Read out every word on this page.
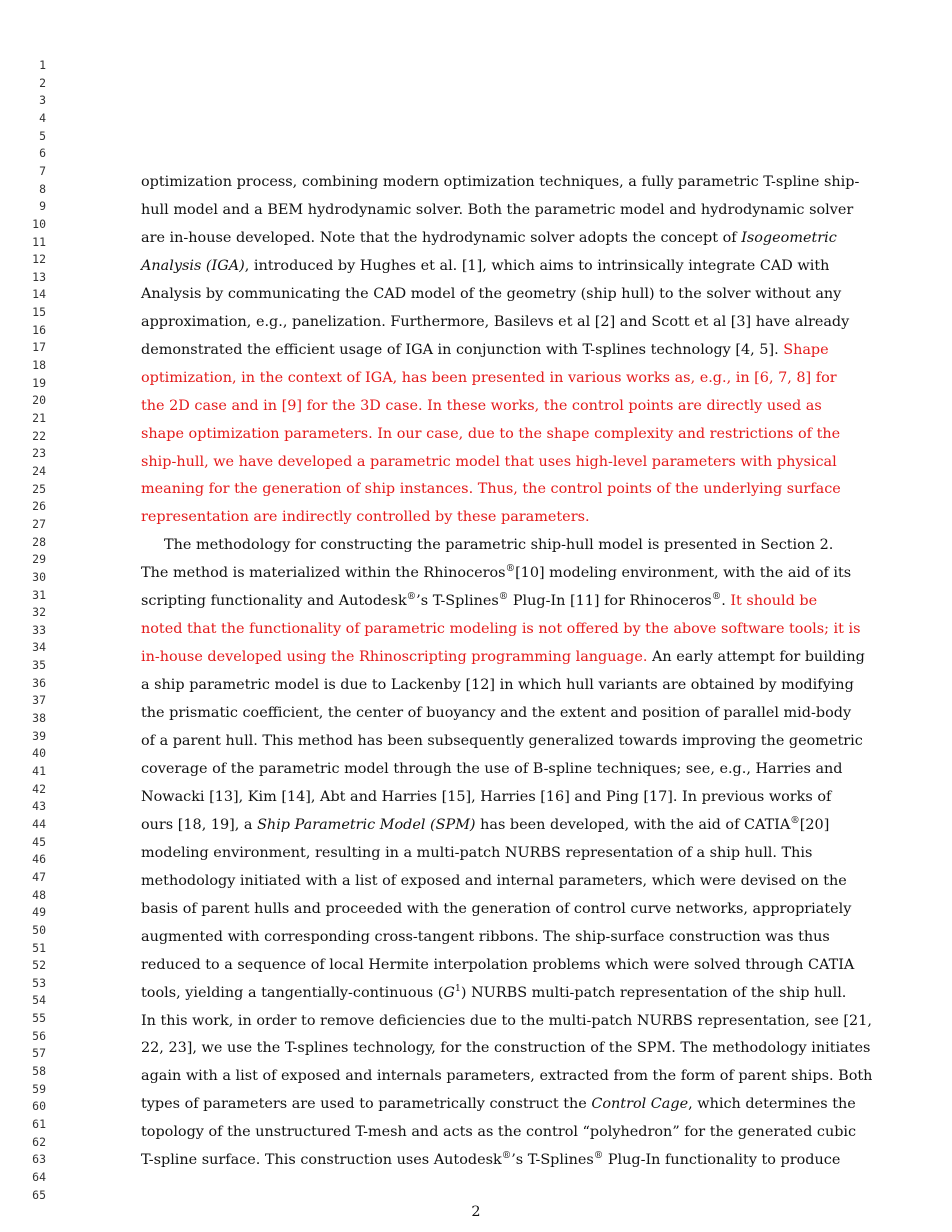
1
2
3
4
5
6
7
8
9
10
11
12
13
14
15
16
17
18
19
20
21
22
23
24
25
26
27
28
29
30
31
32
33
34
35
36
37
38
39
40
41
42
43
44
45
46
47
48
49
50
51
52
53
54
55
56
57
58
59
60
61
62
63
64
65
optimization process, combining modern optimization techniques, a fully parametric T-spline ship-
hull model and a BEM hydrodynamic solver. Both the parametric model and hydrodynamic solver
are in-house developed. Note that the hydrodynamic solver adopts the concept of Isogeometric
Analysis (IGA), introduced by Hughes et al. [1], which aims to intrinsically integrate CAD with
Analysis by communicating the CAD model of the geometry (ship hull) to the solver without any
approximation, e.g., panelization. Furthermore, Basilevs et al [2] and Scott et al [3] have already
demonstrated the efficient usage of IGA in conjunction with T-splines technology [4, 5]. Shape
optimization, in the context of IGA, has been presented in various works as, e.g., in [6, 7, 8] for
the 2D case and in [9] for the 3D case. In these works, the control points are directly used as
shape optimization parameters. In our case, due to the shape complexity and restrictions of the
ship-hull, we have developed a parametric model that uses high-level parameters with physical
meaning for the generation of ship instances. Thus, the control points of the underlying surface
representation are indirectly controlled by these parameters.
The methodology for constructing the parametric ship-hull model is presented in Section 2.
The method is materialized within the Rhinoceros®[10] modeling environment, with the aid of its
scripting functionality and Autodesk®’s T-Splines® Plug-In [11] for Rhinoceros®. It should be
noted that the functionality of parametric modeling is not offered by the above software tools; it is
in-house developed using the Rhinoscripting programming language. An early attempt for building
a ship parametric model is due to Lackenby [12] in which hull variants are obtained by modifying
the prismatic coefficient, the center of buoyancy and the extent and position of parallel mid-body
of a parent hull. This method has been subsequently generalized towards improving the geometric
coverage of the parametric model through the use of B-spline techniques; see, e.g., Harries and
Nowacki [13], Kim [14], Abt and Harries [15], Harries [16] and Ping [17]. In previous works of
ours [18, 19], a Ship Parametric Model (SPM) has been developed, with the aid of CATIA®[20]
modeling environment, resulting in a multi-patch NURBS representation of a ship hull. This
methodology initiated with a list of exposed and internal parameters, which were devised on the
basis of parent hulls and proceeded with the generation of control curve networks, appropriately
augmented with corresponding cross-tangent ribbons. The ship-surface construction was thus
reduced to a sequence of local Hermite interpolation problems which were solved through CATIA
tools, yielding a tangentially-continuous $(G^1)$ NURBS multi-patch representation of the ship hull.
In this work, in order to remove deficiencies due to the multi-patch NURBS representation, see [21,
22, 23], we use the T-splines technology, for the construction of the SPM. The methodology initiates
again with a list of exposed and internals parameters, extracted from the form of parent ships. Both
types of parameters are used to parametrically construct the Control Cage, which determines the
topology of the unstructured T-mesh and acts as the control “polyhedron” for the generated cubic
T-spline surface. This construction uses Autodesk®’s T-Splines® Plug-In functionality to produce
2
